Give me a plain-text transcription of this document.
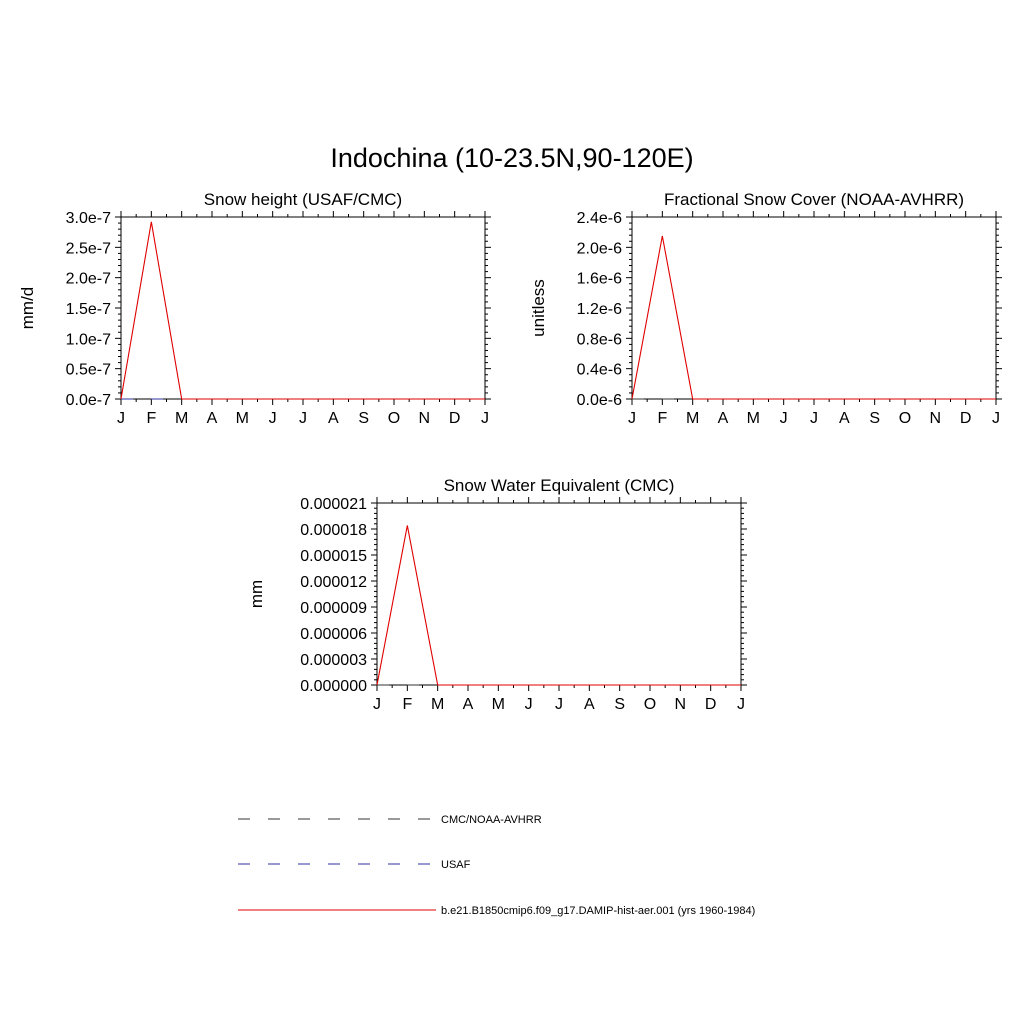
Indochina (10-23.5N,90-120E)
Snow height (USAF/CMC)
mm/d
J F M A M J J A S O N D J
0.0e-7
0.5e-7
1.0e-7
1.5e-7
2.0e-7
2.5e-7
3.0e-7
Fractional Snow Cover (NOAA-AVHRR)
unitless
J F M A M J J A S O N D J
0.0e-6
0.4e-6
0.8e-6
1.2e-6
1.6e-6
2.0e-6
2.4e-6
Snow Water Equivalent (CMC)
mm
J F M A M J J A S O N D J
0.000000
0.000003
0.000006
0.000009
0.000012
0.000015
0.000018
0.000021
CMC/NOAA-AVHRR
USAF
b.e21.B1850cmip6.f09_g17.DAMIP-hist-aer.001 (yrs 1960-1984)
